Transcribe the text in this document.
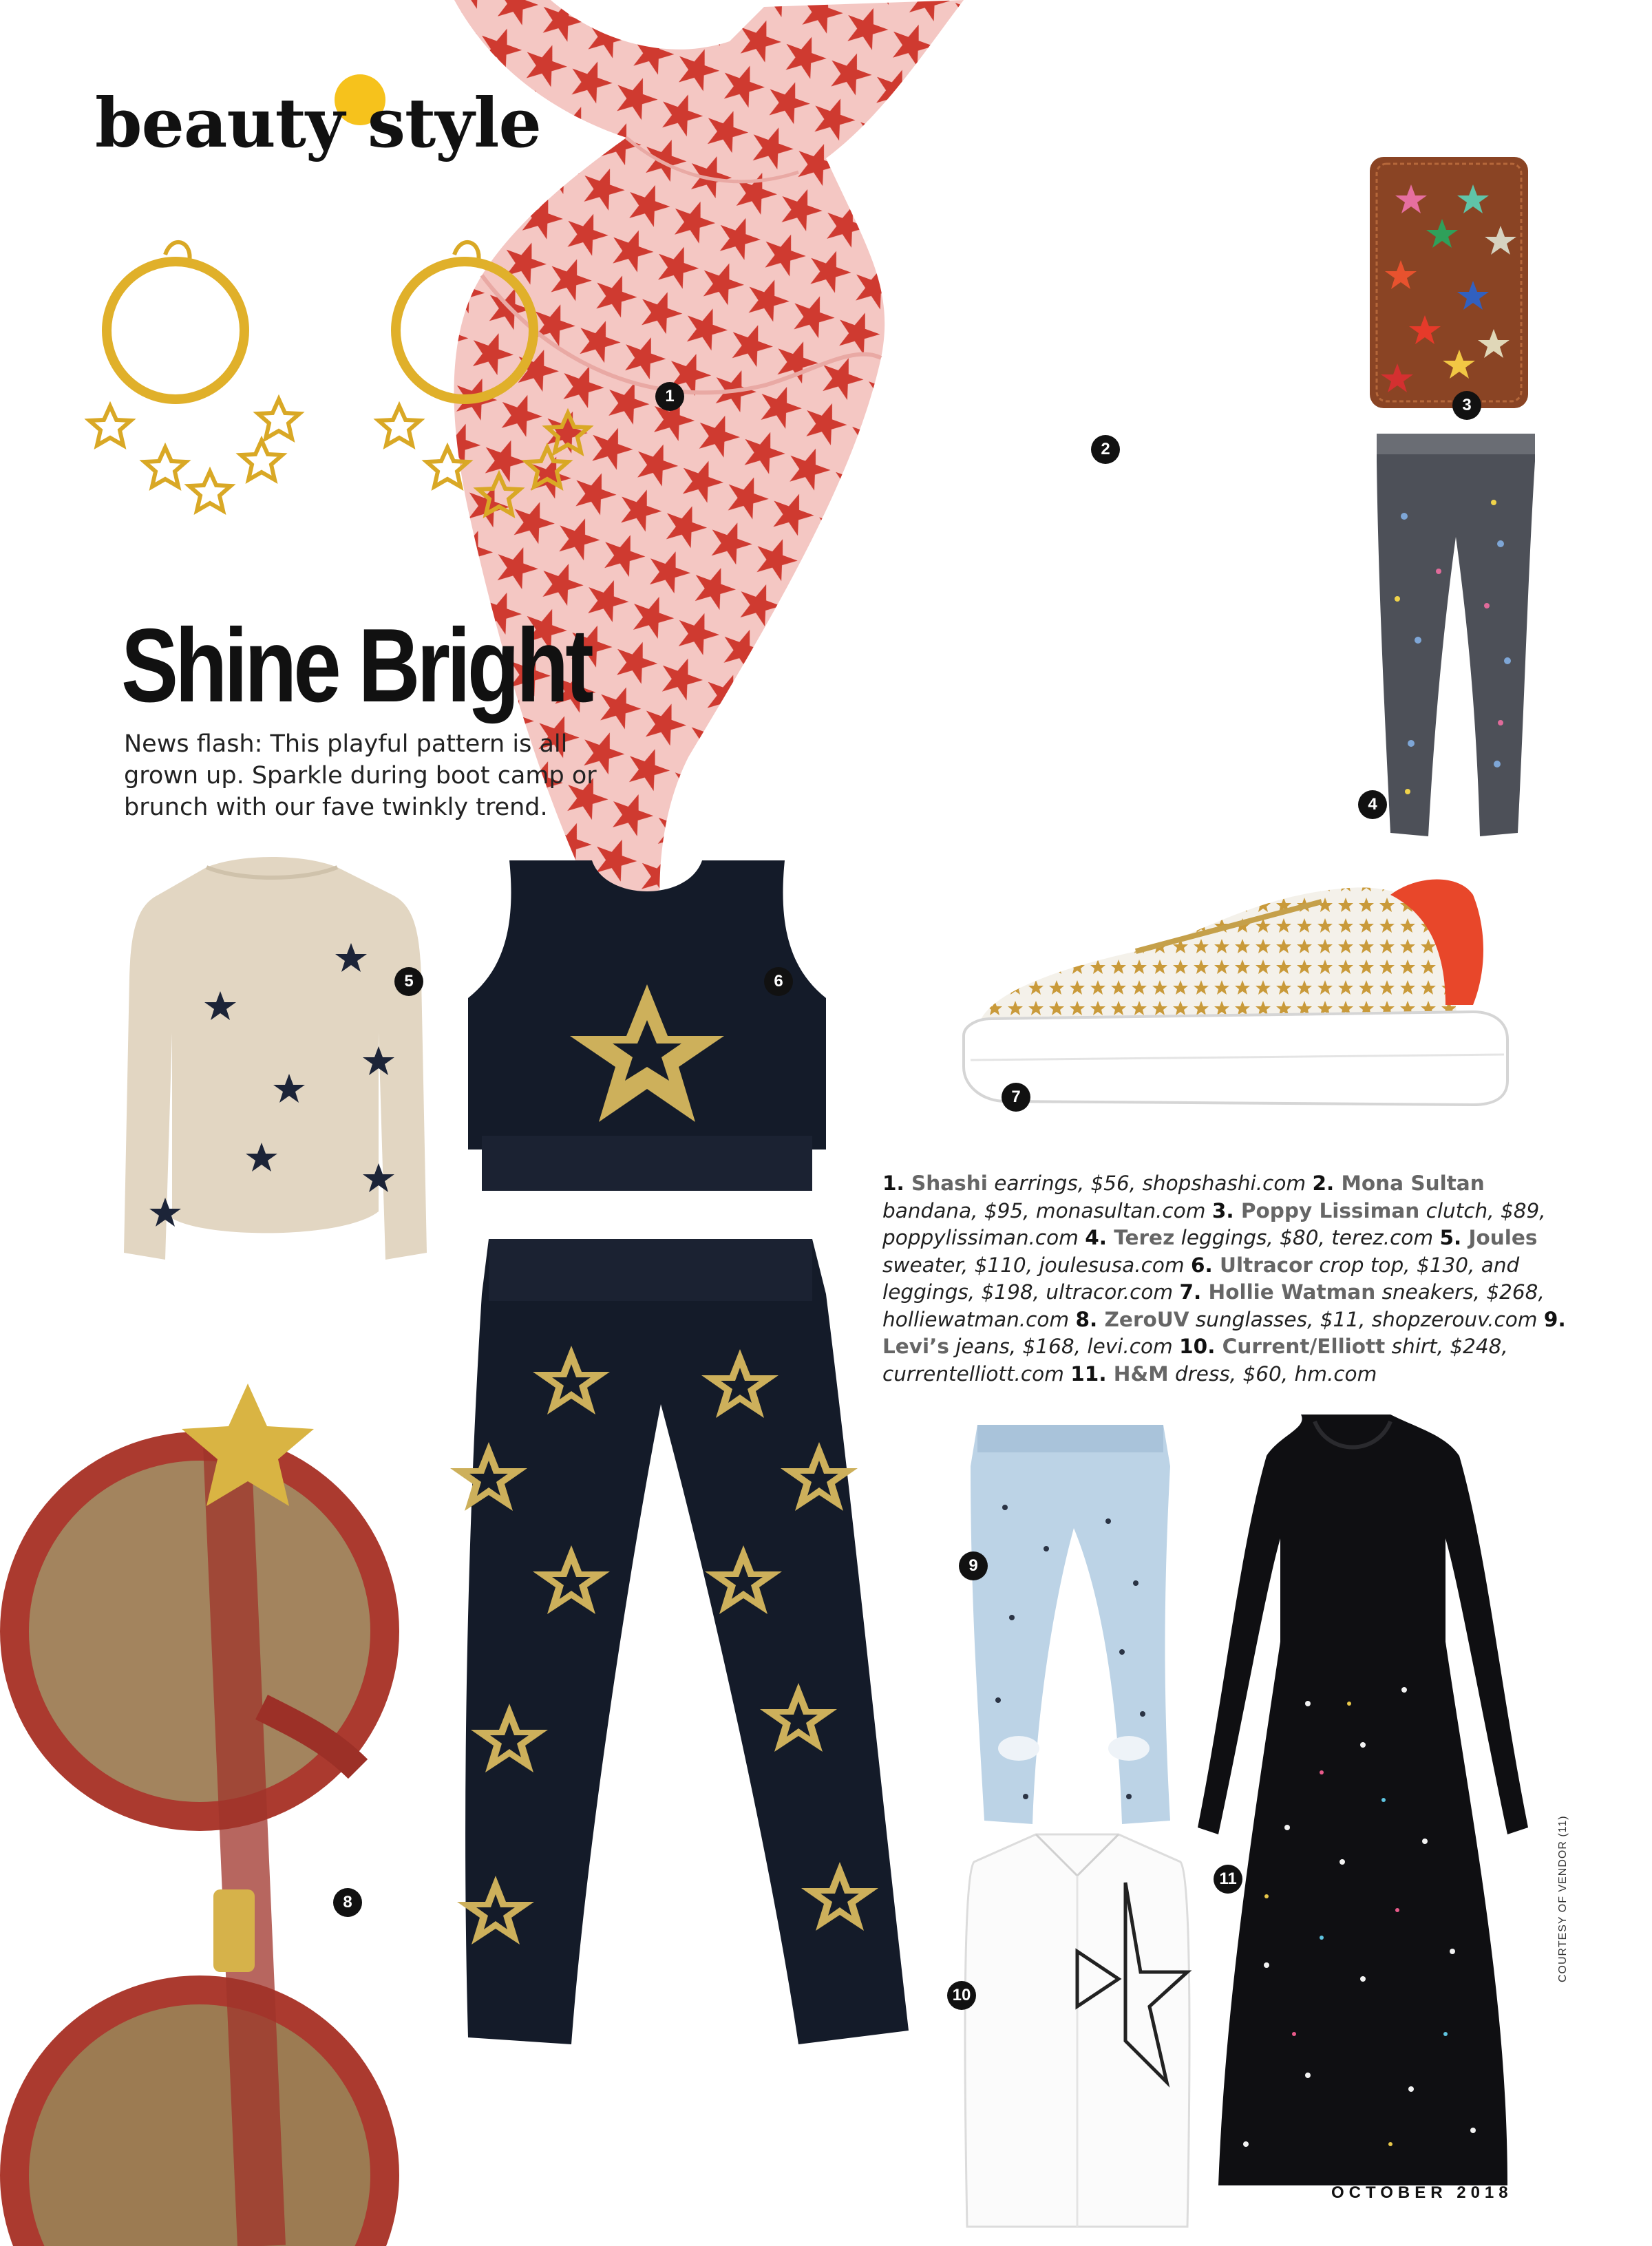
beauty style
Shine Bright
News flash: This playful pattern is all grown up. Sparkle during boot camp or brunch with our fave twinkly trend.
1
2
3
4
5	6
7
8
9
10
11
1. Shashi earrings, $56, shopshashi.com 2. Mona Sultan bandana, $95, monasultan.com 3. Poppy Lissiman clutch, $89, poppylissiman.com 4. Terez leggings, $80, terez.com 5. Joules sweater, $110, joulesusa.com 6. Ultracor crop top, $130, and leggings, $198, ultracor.com 7. Hollie Watman sneakers, $268, holliewatman.com 8. ZeroUV sunglasses, $11, shopzerouv.com 9. Levi’s jeans, $168, levi.com 10. Current/Elliott shirt, $248, currentelliott.com 11. H&M dress, $60, hm.com
OCTOBER 2018
COURTESY OF VENDOR (11)
